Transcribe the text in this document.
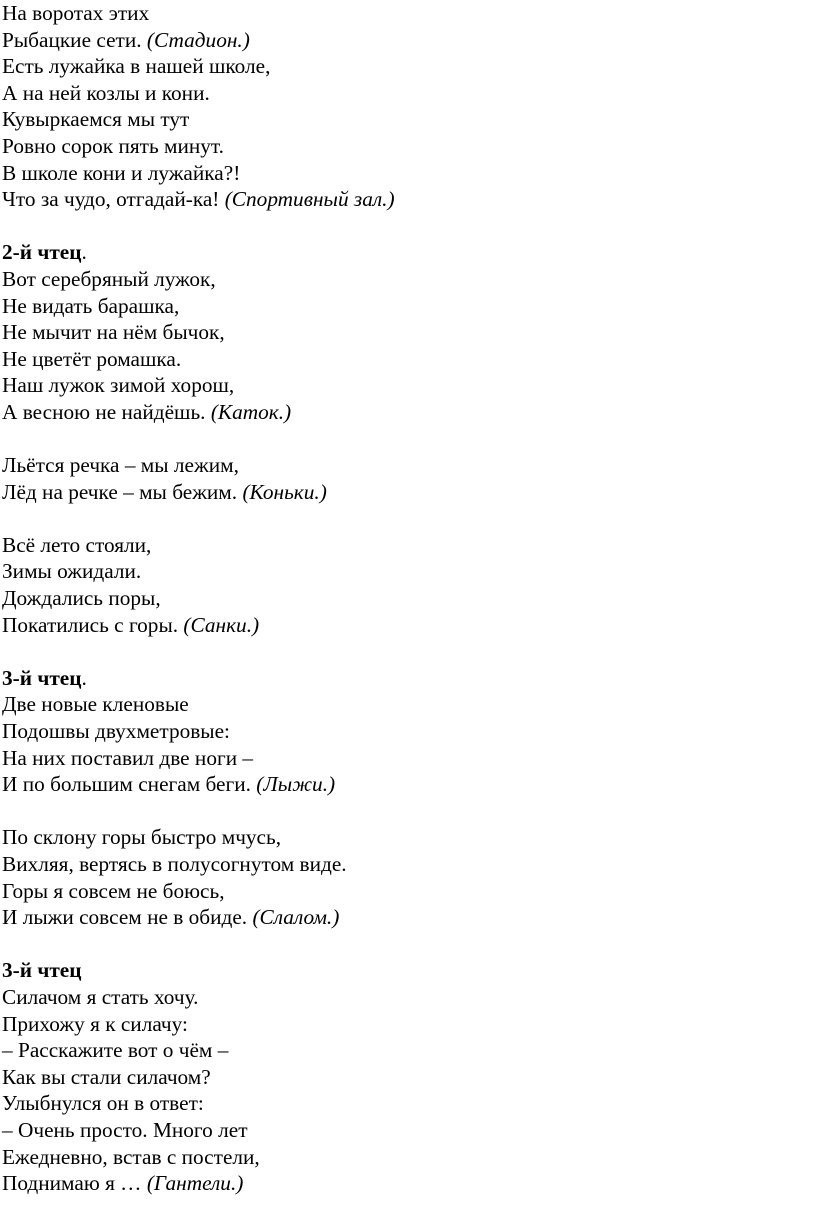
На воротах этих
Рыбацкие сети. (Стадион.)
Есть лужайка в нашей школе,
А на ней козлы и кони.
Кувыркаемся мы тут
Ровно сорок пять минут.
В школе кони и лужайка?!
Что за чудо, отгадай-ка! (Спортивный зал.)
2-й чтец.
Вот серебряный лужок,
Не видать барашка,
Не мычит на нём бычок,
Не цветёт ромашка.
Наш лужок зимой хорош,
А весною не найдёшь. (Каток.)
Льётся речка – мы лежим,
Лёд на речке – мы бежим. (Коньки.)
Всё лето стояли,
Зимы ожидали.
Дождались поры,
Покатились с горы. (Санки.)
3-й чтец.
Две новые кленовые
Подошвы двухметровые:
На них поставил две ноги –
И по большим снегам беги. (Лыжи.)
По склону горы быстро мчусь,
Вихляя, вертясь в полусогнутом виде.
Горы я совсем не боюсь,
И лыжи совсем не в обиде. (Слалом.)
3-й чтец
Силачом я стать хочу.
Прихожу я к силачу:
– Расскажите вот о чём –
Как вы стали силачом?
Улыбнулся он в ответ:
– Очень просто. Много лет
Ежедневно, встав с постели,
Поднимаю я … (Гантели.)
